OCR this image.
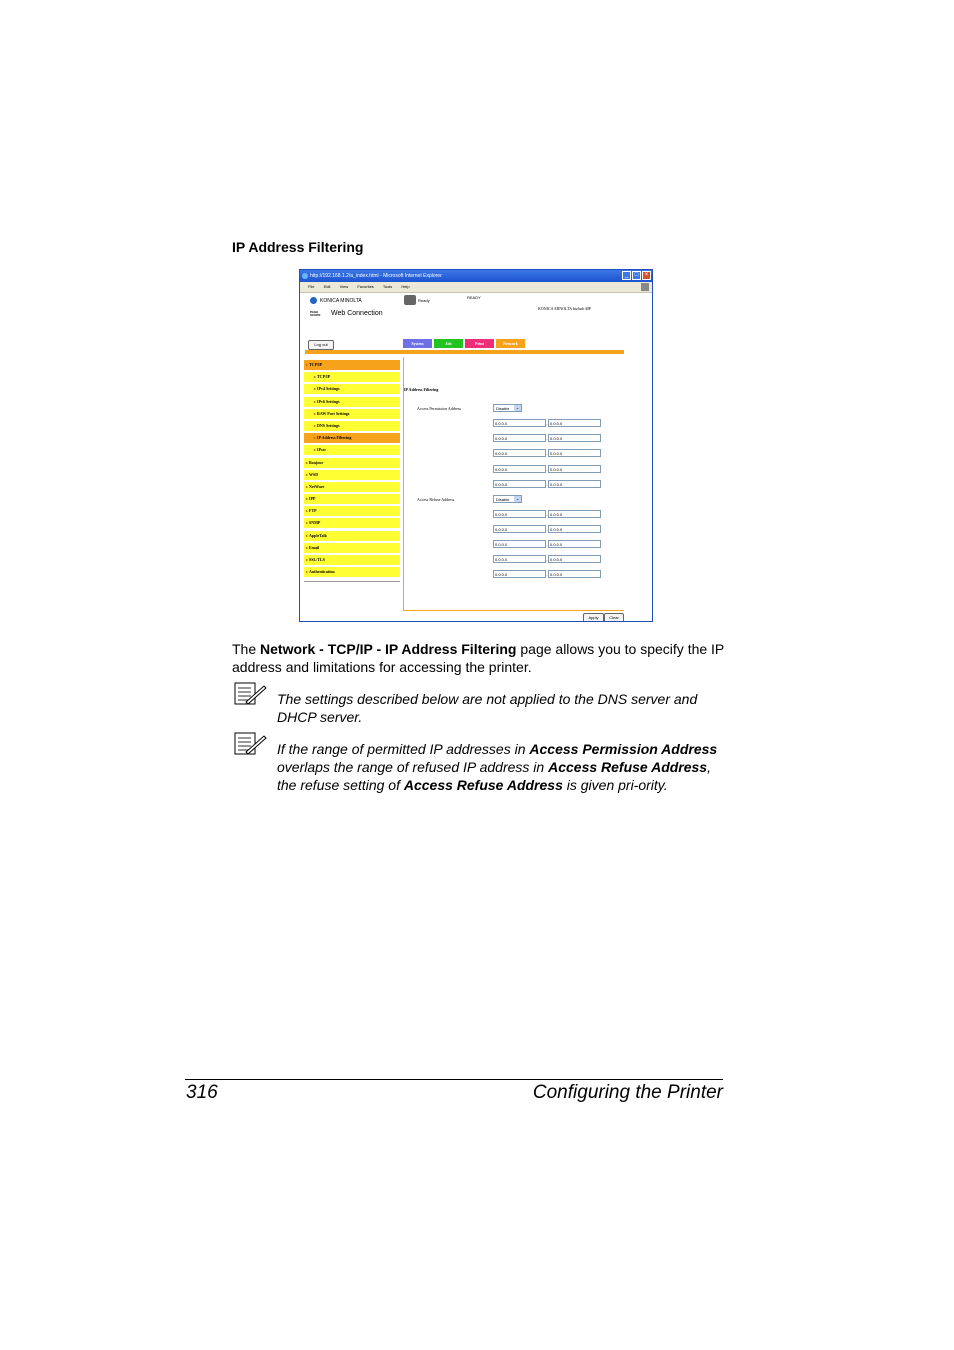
IP Address Filtering
http://192.168.1.2/a_index.html - Microsoft Internet Explorer	_	□	×
File Edit View Favorites Tools Help
KONICA MINOLTA
PAGE SCOPE	Web Connection
Ready
READY
KONICA MINOLTA bizhub 40P
Log out	System	Job	Print	Network
▸TCP/IP
▸TCP/IP
▸IPv4 Settings
▸IPv6 Settings
▸RAW Port Settings
▸DNS Settings
▸IP Address Filtering
▸IPsec
▸Bonjour
▸WSD
▸NetWare
▸IPP
▸FTP
▸SNMP
▸AppleTalk
▸Email
▸SSL/TLS
▸Authentication
IP Address Filtering
Access Permission Address	Disable	⌄
0.0.0.0	- 0.0.0.0
0.0.0.0	- 0.0.0.0
0.0.0.0	- 0.0.0.0
0.0.0.0	- 0.0.0.0
0.0.0.0	- 0.0.0.0
Access Refuse Address	Disable	⌄
0.0.0.0	- 0.0.0.0
0.0.0.0	- 0.0.0.0
0.0.0.0	- 0.0.0.0
0.0.0.0	- 0.0.0.0
0.0.0.0	- 0.0.0.0
Apply	Clear
The Network - TCP/IP - IP Address Filtering page allows you to specify the IP address and limitations for accessing the printer.
The settings described below are not applied to the DNS server and DHCP server.
If the range of permitted IP addresses in Access Permission Address overlaps the range of refused IP address in Access Refuse Address, the refuse setting of Access Refuse Address is given pri-ority.
316	Configuring the Printer
